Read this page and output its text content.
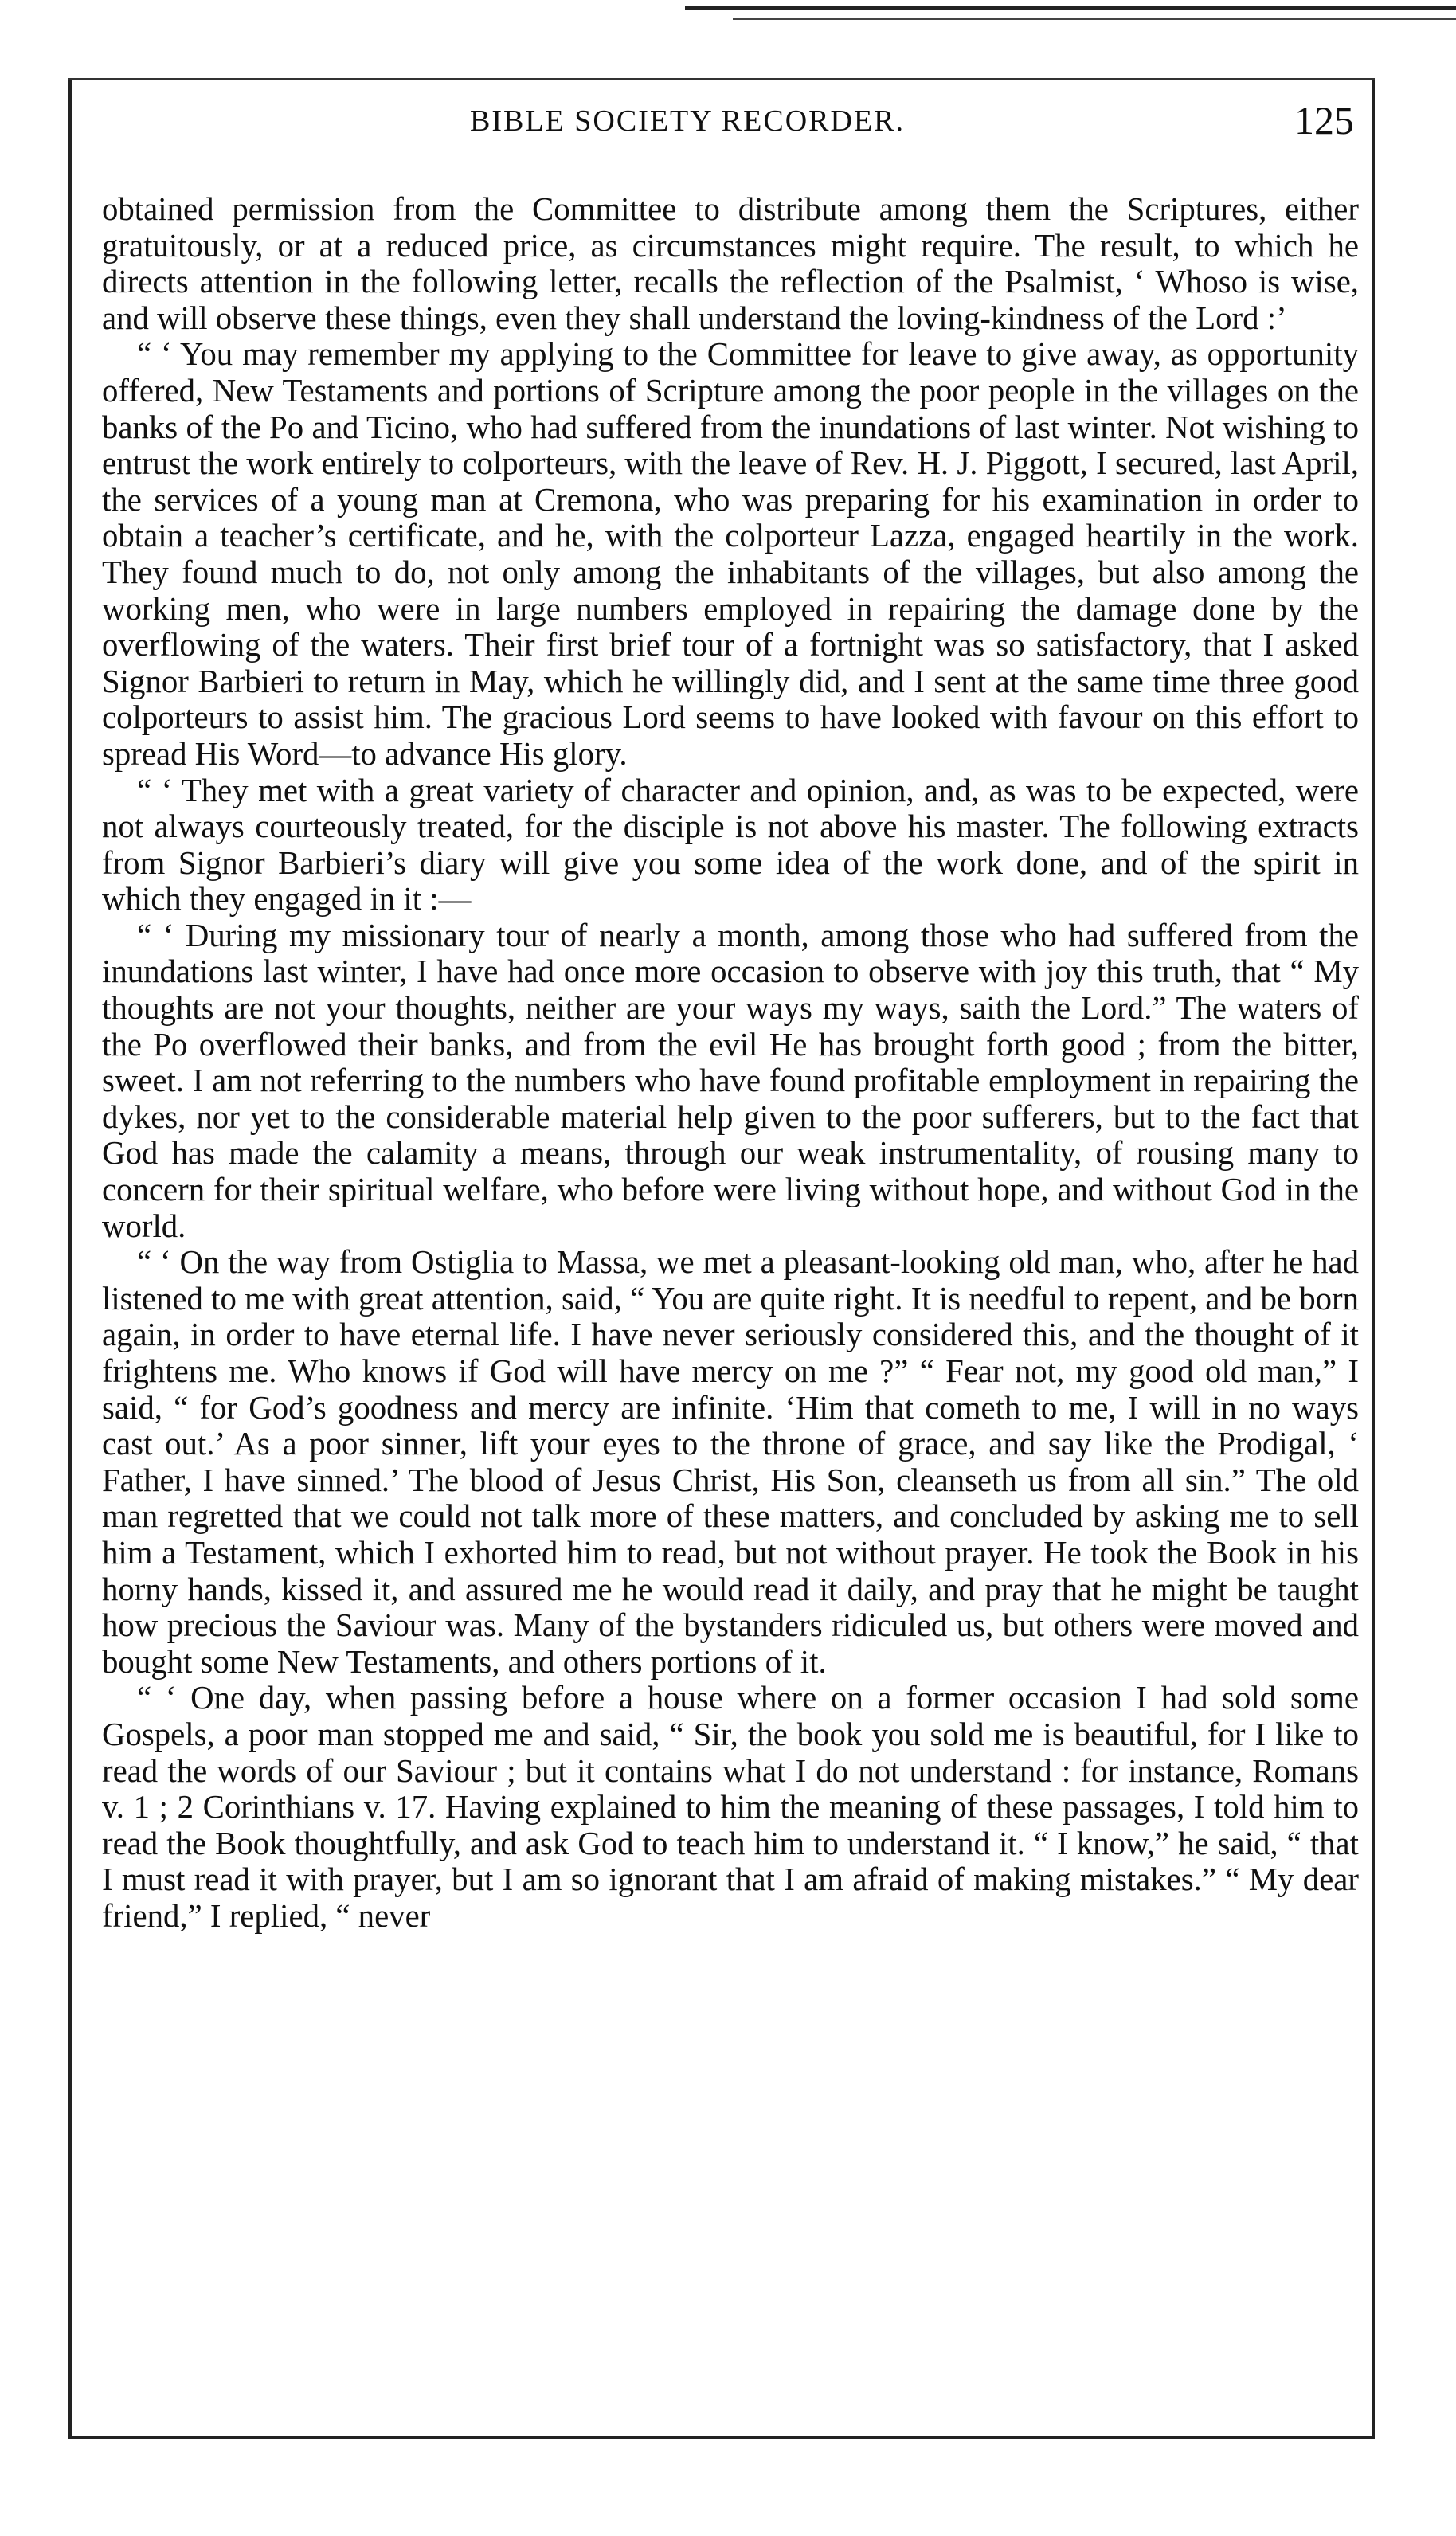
BIBLE SOCIETY RECORDER.	125

obtained permission from the Committee to distribute among them the Scriptures, either gratuitously, or at a reduced price, as circumstances might require. The result, to which he directs attention in the following letter, recalls the reflection of the Psalmist, ‘ Whoso is wise, and will observe these things, even they shall understand the loving-kindness of the Lord :’

“ ‘ You may remember my applying to the Committee for leave to give away, as opportunity offered, New Testaments and portions of Scripture among the poor people in the villages on the banks of the Po and Ticino, who had suffered from the inundations of last winter. Not wishing to entrust the work entirely to colporteurs, with the leave of Rev. H. J. Piggott, I secured, last April, the services of a young man at Cremona, who was preparing for his examination in order to obtain a teacher’s certificate, and he, with the colporteur Lazza, engaged heartily in the work. They found much to do, not only among the inhabitants of the villages, but also among the working men, who were in large numbers employed in repairing the damage done by the overflowing of the waters. Their first brief tour of a fortnight was so satisfactory, that I asked Signor Barbieri to return in May, which he willingly did, and I sent at the same time three good colporteurs to assist him. The gracious Lord seems to have looked with favour on this effort to spread His Word—to advance His glory.

“ ‘ They met with a great variety of character and opinion, and, as was to be expected, were not always courteously treated, for the disciple is not above his master. The following extracts from Signor Barbieri’s diary will give you some idea of the work done, and of the spirit in which they engaged in it :—

“ ‘ During my missionary tour of nearly a month, among those who had suffered from the inundations last winter, I have had once more occasion to observe with joy this truth, that “ My thoughts are not your thoughts, neither are your ways my ways, saith the Lord.” The waters of the Po overflowed their banks, and from the evil He has brought forth good ; from the bitter, sweet. I am not referring to the numbers who have found profitable employment in repairing the dykes, nor yet to the considerable material help given to the poor sufferers, but to the fact that God has made the calamity a means, through our weak instrumentality, of rousing many to concern for their spiritual welfare, who before were living without hope, and without God in the world.

“ ‘ On the way from Ostiglia to Massa, we met a pleasant-looking old man, who, after he had listened to me with great attention, said, “ You are quite right. It is needful to repent, and be born again, in order to have eternal life. I have never seriously considered this, and the thought of it frightens me. Who knows if God will have mercy on me ?” “ Fear not, my good old man,” I said, “ for God’s goodness and mercy are infinite. ‘Him that cometh to me, I will in no ways cast out.’ As a poor sinner, lift your eyes to the throne of grace, and say like the Prodigal, ‘ Father, I have sinned.’ The blood of Jesus Christ, His Son, cleanseth us from all sin.” The old man regretted that we could not talk more of these matters, and concluded by asking me to sell him a Testament, which I exhorted him to read, but not without prayer. He took the Book in his horny hands, kissed it, and assured me he would read it daily, and pray that he might be taught how precious the Saviour was. Many of the bystanders ridiculed us, but others were moved and bought some New Testaments, and others portions of it.

“ ‘ One day, when passing before a house where on a former occasion I had sold some Gospels, a poor man stopped me and said, “ Sir, the book you sold me is beautiful, for I like to read the words of our Saviour ; but it contains what I do not understand : for instance, Romans v. 1 ; 2 Corinthians v. 17. Having explained to him the meaning of these passages, I told him to read the Book thoughtfully, and ask God to teach him to understand it. “ I know,” he said, “ that I must read it with prayer, but I am so ignorant that I am afraid of making mistakes.” “ My dear friend,” I replied, “ never
